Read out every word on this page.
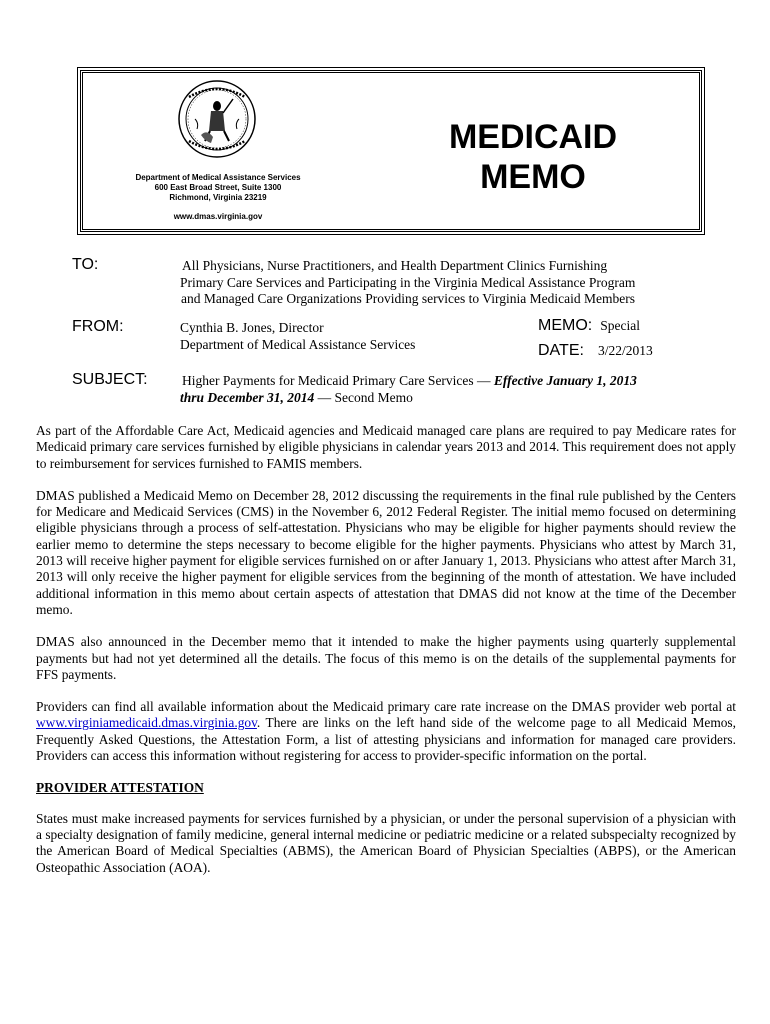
Department of Medical Assistance Services
600 East Broad Street, Suite 1300
Richmond, Virginia 23219
www.dmas.virginia.gov
MEDICAID
MEMO
TO:	All Physicians, Nurse Practitioners, and Health Department Clinics Furnishing
Primary Care Services and Participating in the Virginia Medical Assistance Program
and Managed Care Organizations Providing services to Virginia Medicaid Members
FROM:	Cynthia B. Jones, Director
Department of Medical Assistance Services
MEMO: Special
DATE: 3/22/2013
SUBJECT:	Higher Payments for Medicaid Primary Care Services — Effective January 1, 2013
thru December 31, 2014 — Second Memo

As part of the Affordable Care Act, Medicaid agencies and Medicaid managed care plans are required to pay Medicare rates for Medicaid primary care services furnished by eligible physicians in calendar years 2013 and 2014. This requirement does not apply to reimbursement for services furnished to FAMIS members.

DMAS published a Medicaid Memo on December 28, 2012 discussing the requirements in the final rule published by the Centers for Medicare and Medicaid Services (CMS) in the November 6, 2012 Federal Register. The initial memo focused on determining eligible physicians through a process of self-attestation. Physicians who may be eligible for higher payments should review the earlier memo to determine the steps necessary to become eligible for the higher payments. Physicians who attest by March 31, 2013 will receive higher payment for eligible services furnished on or after January 1, 2013. Physicians who attest after March 31, 2013 will only receive the higher payment for eligible services from the beginning of the month of attestation. We have included additional information in this memo about certain aspects of attestation that DMAS did not know at the time of the December memo.

DMAS also announced in the December memo that it intended to make the higher payments using quarterly supplemental payments but had not yet determined all the details. The focus of this memo is on the details of the supplemental payments for FFS payments.

Providers can find all available information about the Medicaid primary care rate increase on the DMAS provider web portal at www.virginiamedicaid.dmas.virginia.gov. There are links on the left hand side of the welcome page to all Medicaid Memos, Frequently Asked Questions, the Attestation Form, a list of attesting physicians and information for managed care providers. Providers can access this information without registering for access to provider-specific information on the portal.

PROVIDER ATTESTATION

States must make increased payments for services furnished by a physician, or under the personal supervision of a physician with a specialty designation of family medicine, general internal medicine or pediatric medicine or a related subspecialty recognized by the American Board of Medical Specialties (ABMS), the American Board of Physician Specialties (ABPS), or the American Osteopathic Association (AOA).
